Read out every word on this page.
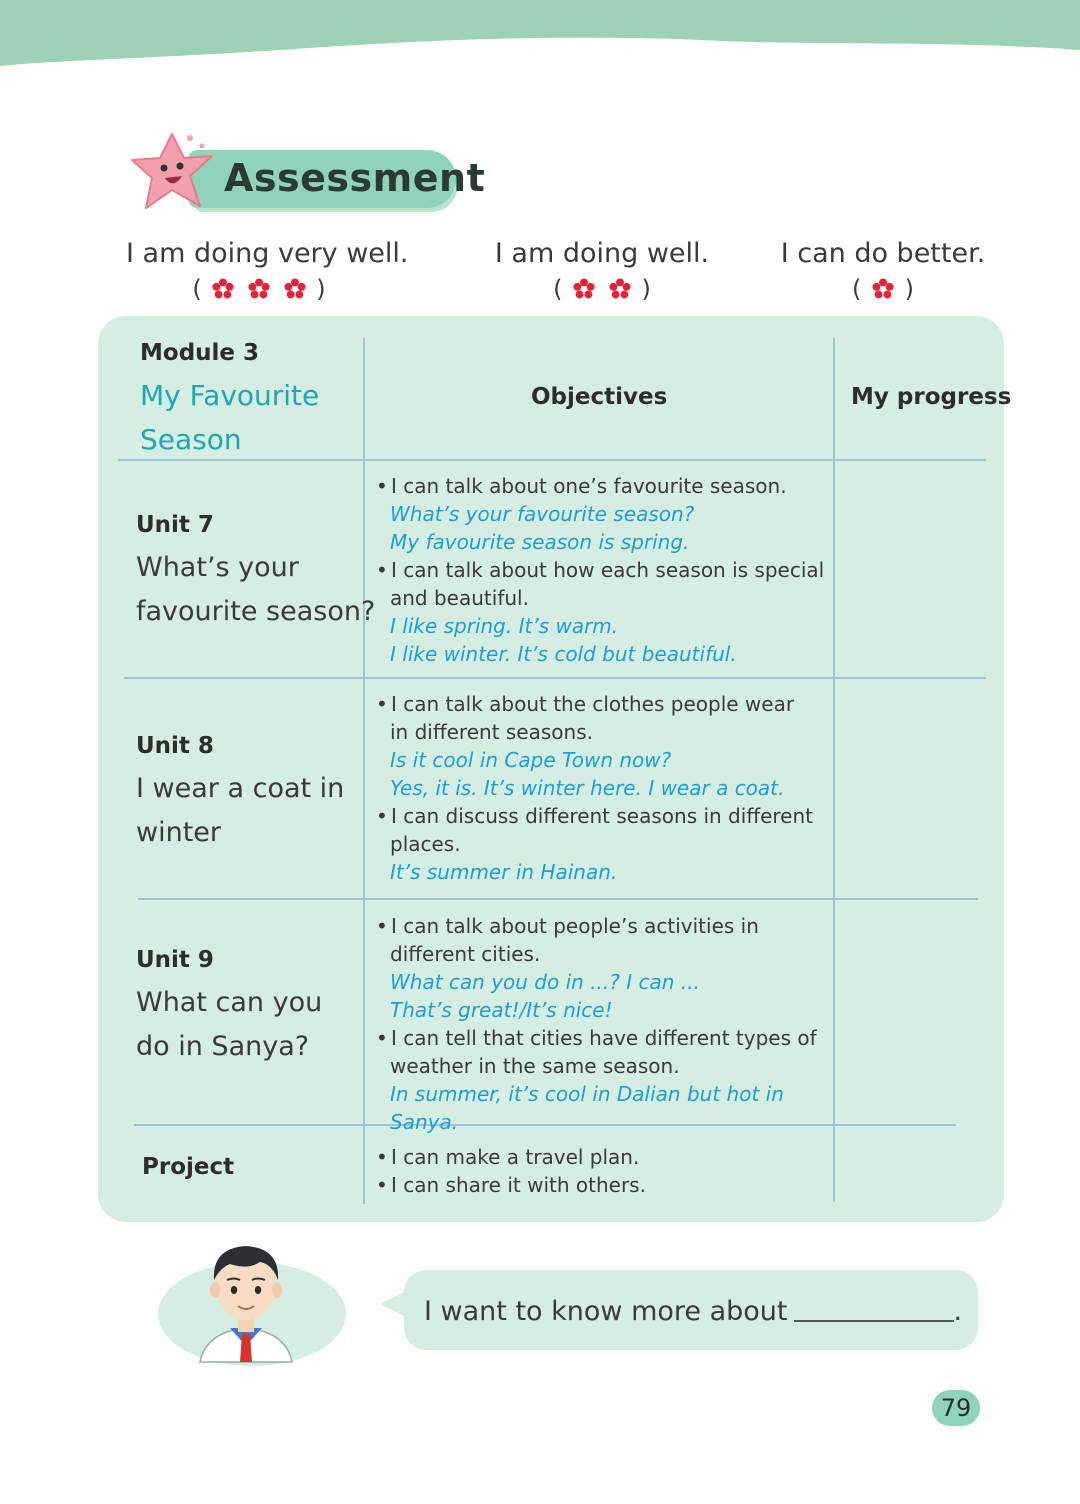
Assessment
I am doing very well.
(	)
I am doing well.
(	)
I can do better.
( )
Module 3
My Favourite
Season
Objectives	My progress
Unit 7
What’s your
favourite season?
• I can talk about one’s favourite season.
What’s your favourite season?
My favourite season is spring.
• I can talk about how each season is special
and beautiful.
I like spring. It’s warm.
I like winter. It’s cold but beautiful.
Unit 8
I wear a coat in
winter
• I can talk about the clothes people wear
in different seasons.
Is it cool in Cape Town now?
Yes, it is. It’s winter here. I wear a coat.
• I can discuss different seasons in different
places.
It’s summer in Hainan.
Unit 9
What can you
do in Sanya?
• I can talk about people’s activities in
different cities.
What can you do in ...? I can ...
That’s great!/It’s nice!
• I can tell that cities have different types of
weather in the same season.
In summer, it’s cool in Dalian but hot in Sanya.
Project
•	I can make a travel plan.
• I can share it with others.
I want to know more about	.
79
